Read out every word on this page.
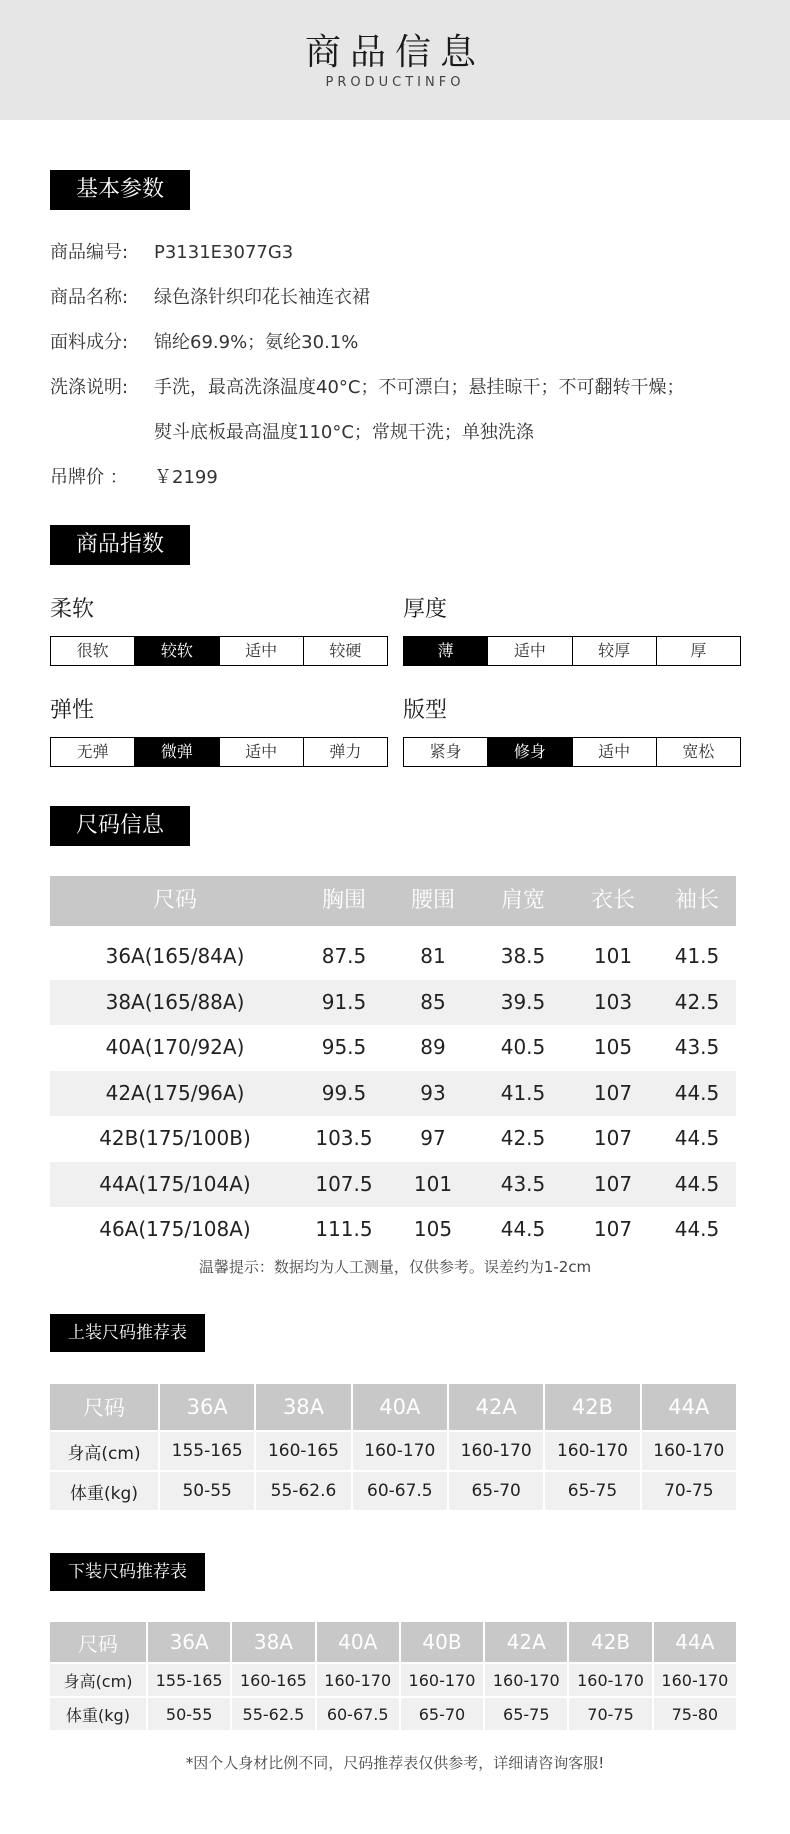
商品信息
PRODUCTINFO
基本参数
商品编号: P3131E3077G3
商品名称: 绿色涤针织印花长袖连衣裙
面料成分: 锦纶69.9%；氨纶30.1%
洗涤说明: 手洗，最高洗涤温度40°C；不可漂白；悬挂晾干；不可翻转干燥；
熨斗底板最高温度110°C；常规干洗；单独洗涤
吊牌价 ： ￥2199
商品指数
柔软
很软	较软	适中	较硬
厚度
薄	适中	较厚	厚
弹性
无弹	微弹	适中	弹力
版型
紧身	修身	适中	宽松
尺码信息
尺码	胸围	腰围	肩宽	衣长	袖长
36A(165/84A)	87.5	81	38.5	101	41.5
38A(165/88A)	91.5	85	39.5	103	42.5
40A(170/92A)	95.5	89	40.5	105	43.5
42A(175/96A)	99.5	93	41.5	107	44.5
42B(175/100B)	103.5	97	42.5	107	44.5
44A(175/104A)	107.5	101	43.5	107	44.5
46A(175/108A)	111.5	105	44.5	107	44.5
温馨提示：数据均为人工测量，仅供参考。误差约为1-2cm
上装尺码推荐表
尺码	36A	38A	40A	42A	42B	44A
身高(cm)	155-165	160-165	160-170	160-170	160-170	160-170
体重(kg)	50-55	55-62.6	60-67.5	65-70	65-75	70-75
下装尺码推荐表
尺码	36A	38A	40A	40B	42A	42B	44A
身高(cm)	155-165	160-165	160-170	160-170	160-170	160-170	160-170
体重(kg)	50-55	55-62.5	60-67.5	65-70	65-75	70-75	75-80
*因个人身材比例不同，尺码推荐表仅供参考，详细请咨询客服!
